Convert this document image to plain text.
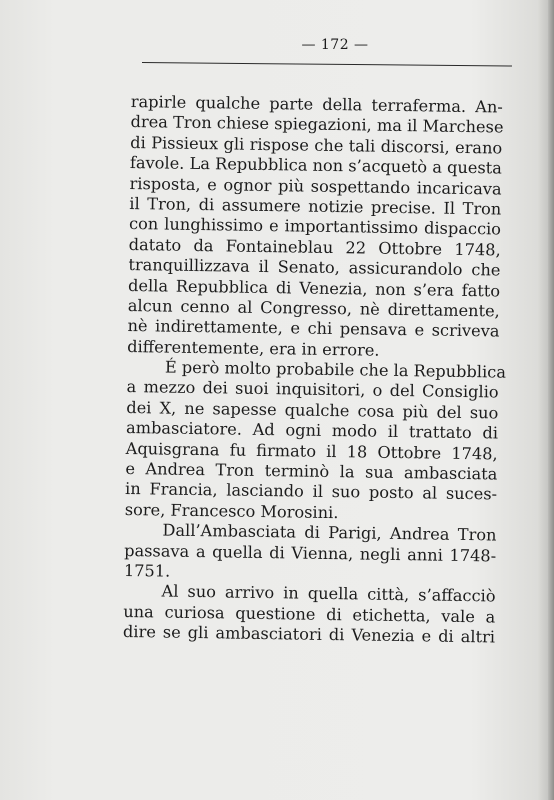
— 172 —
rapirle qualche parte della terraferma. An-
drea Tron chiese spiegazioni, ma il Marchese
di Pissieux gli rispose che tali discorsi, erano
favole. La Repubblica non s’acquetò a questa
risposta, e ognor più sospettando incaricava
il Tron, di assumere notizie precise. Il Tron
con lunghissimo e importantissimo dispaccio
datato da Fontaineblau 22 Ottobre 1748,
tranquillizzava il Senato, assicurandolo che
della Repubblica di Venezia, non s’era fatto
alcun cenno al Congresso, nè direttamente,
nè indirettamente, e chi pensava e scriveva
differentemente, era in errore.
É però molto probabile che la Repubblica
a mezzo dei suoi inquisitori, o del Consiglio
dei X, ne sapesse qualche cosa più del suo
ambasciatore. Ad ogni modo il trattato di
Aquisgrana fu firmato il 18 Ottobre 1748,
e Andrea Tron terminò la sua ambasciata
in Francia, lasciando il suo posto al suces-
sore, Francesco Morosini.
Dall’Ambasciata di Parigi, Andrea Tron
passava a quella di Vienna, negli anni 1748-
1751.
Al suo arrivo in quella città, s’affacciò
una curiosa questione di etichetta, vale a
dire se gli ambasciatori di Venezia e di altri
